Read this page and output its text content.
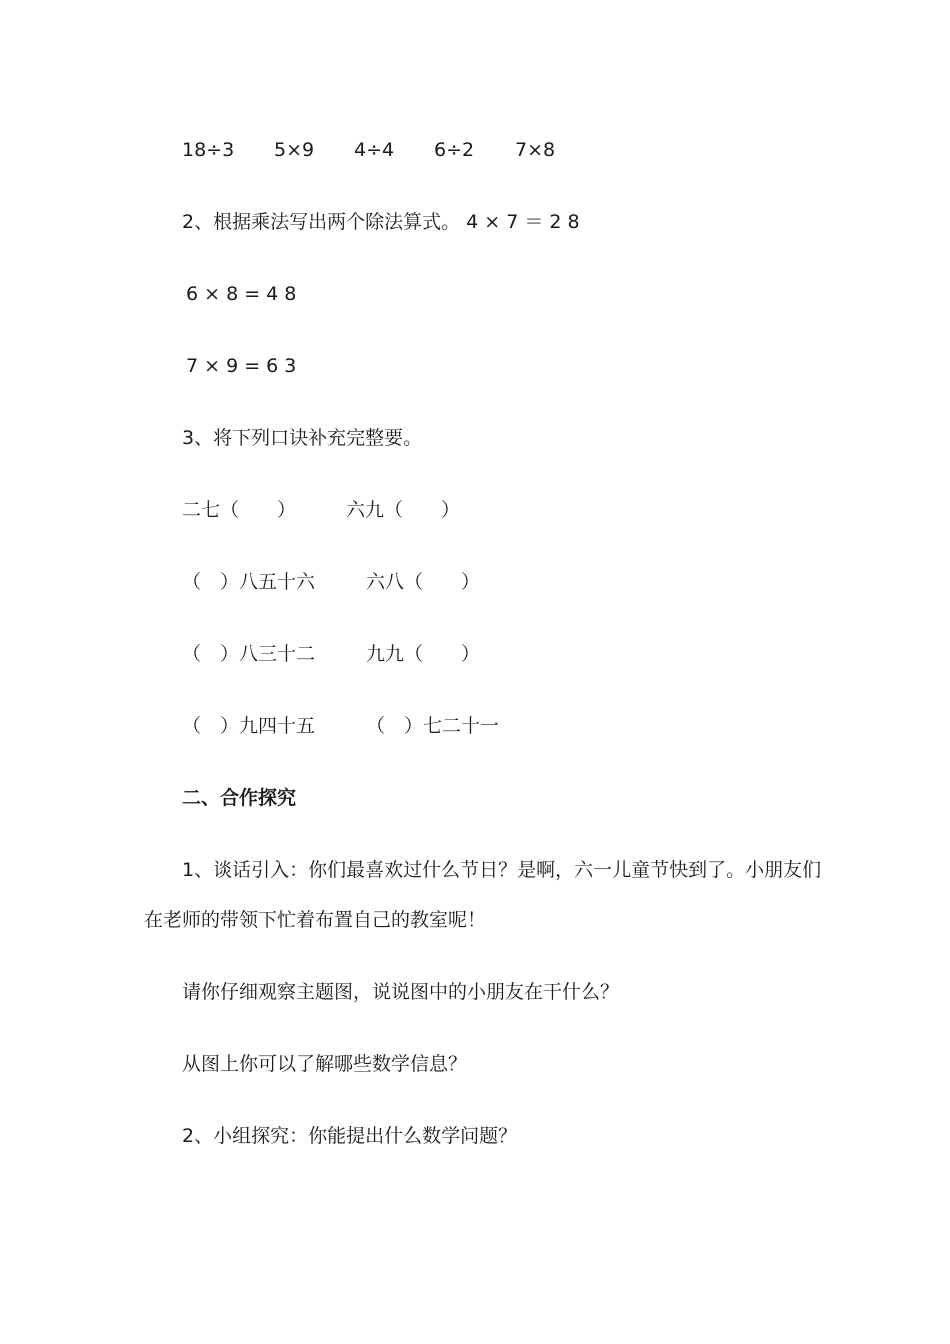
18÷3 5×9 4÷4 6÷2 7×8
2、根据乘法写出两个除法算式。 4 × 7 ＝ 2 8
6 × 8 = 4 8
7 × 9 = 6 3
3、将下列口诀补充完整要。
二七（　　）	六九（　　）
（　）八五十六	六八（　　）
（　）八三十二	九九（　　）
（　）九四十五	（　）七二十一
二、合作探究
1、谈话引入：你们最喜欢过什么节日？是啊，六一儿童节快到了。小朋友们
在老师的带领下忙着布置自己的教室呢！
请你仔细观察主题图，说说图中的小朋友在干什么？
从图上你可以了解哪些数学信息？
2、小组探究：你能提出什么数学问题？
